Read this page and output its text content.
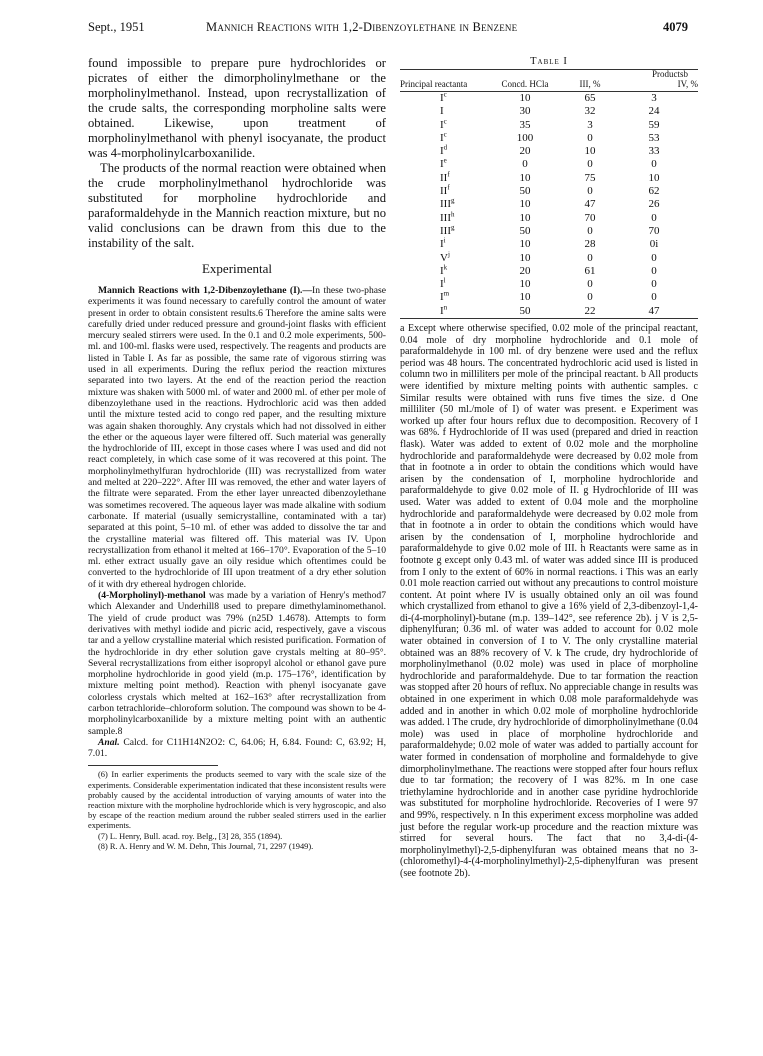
Sept., 1951	Mannich Reactions with 1,2-Dibenzoylethane in Benzene	4079

found impossible to prepare pure hydrochlorides or picrates of either the dimorpholinylmethane or the morpholinylmethanol. Instead, upon recrystallization of the crude salts, the corresponding morpholine salts were obtained. Likewise, upon treatment of morpholinylmethanol with phenyl isocyanate, the product was 4-morpholinylcarboxanilide.

The products of the normal reaction were obtained when the crude morpholinylmethanol hydrochloride was substituted for morpholine hydrochloride and paraformaldehyde in the Mannich reaction mixture, but no valid conclusions can be drawn from this due to the instability of the salt.

Experimental

Mannich Reactions with 1,2-Dibenzoylethane (I).—In these two-phase experiments it was found necessary to carefully control the amount of water present in order to obtain consistent results.6 Therefore the amine salts were carefully dried under reduced pressure and ground-joint flasks with efficient mercury sealed stirrers were used. In the 0.1 and 0.2 mole experiments, 500-ml. and 100-ml. flasks were used, respectively. The reagents and products are listed in Table I. As far as possible, the same rate of vigorous stirring was used in all experiments. During the reflux period the reaction mixtures separated into two layers. At the end of the reaction period the reaction mixture was shaken with 5000 ml. of water and 2000 ml. of ether per mole of dibenzoylethane used in the reactions. Hydrochloric acid was then added until the mixture tested acid to congo red paper, and the resulting mixture was again shaken thoroughly. Any crystals which had not dissolved in either the ether or the aqueous layer were filtered off. Such material was generally the hydrochloride of III, except in those cases where I was used and did not react completely, in which case some of it was recovered at this point. The morpholinylmethylfuran hydrochloride (III) was recrystallized from water and melted at 220–222°. After III was removed, the ether and water layers of the filtrate were separated. From the ether layer unreacted dibenzoylethane was sometimes recovered. The aqueous layer was made alkaline with sodium carbonate. If material (usually semicrystalline, contaminated with a tar) separated at this point, 5–10 ml. of ether was added to dissolve the tar and the crystalline material was filtered off. This material was IV. Upon recrystallization from ethanol it melted at 166–170°. Evaporation of the 5–10 ml. ether extract usually gave an oily residue which oftentimes could be converted to the hydrochloride of III upon treatment of a dry ether solution of it with dry ethereal hydrogen chloride.

(4-Morpholinyl)-methanol was made by a variation of Henry's method7 which Alexander and Underhill8 used to prepare dimethylaminomethanol. The yield of crude product was 79% (n25D 1.4678). Attempts to form derivatives with methyl iodide and picric acid, respectively, gave a viscous tar and a yellow crystalline material which resisted purification. Formation of the hydrochloride in dry ether solution gave crystals melting at 80–95°. Several recrystallizations from either isopropyl alcohol or ethanol gave pure morpholine hydrochloride in good yield (m.p. 175–176°, identification by mixture melting point method). Reaction with phenyl isocyanate gave colorless crystals which melted at 162–163° after recrystallization from carbon tetrachloride–chloroform solution. The compound was shown to be 4-morpholinylcarboxanilide by a mixture melting point with an authentic sample.8

Anal. Calcd. for C11H14N2O2: C, 64.06; H, 6.84. Found: C, 63.92; H, 7.01.

(6) In earlier experiments the products seemed to vary with the scale size of the experiments. Considerable experimentation indicated that these inconsistent results were probably caused by the accidental introduction of varying amounts of water into the reaction mixture with the morpholine hydrochloride which is very hygroscopic, and also by escape of the reaction medium around the rubber sealed stirrers used in the earlier experiments.

(7) L. Henry, Bull. acad. roy. Belg., [3] 28, 355 (1894).

(8) R. A. Henry and W. M. Dehn, This Journal, 71, 2297 (1949).

Table I
Principal reactanta	Concd. HCla	III, %	Productsb
IV, %
$I^c$	10	65	3
I	30	32	24
$I^c$	35	3	59
$I^c$	100	0	53
$I^d$	20	10	33
Ie	0	0	0
$II^f$	10	75	10
$II^f$	50	0	62
III$^g$	10	47	26
III$^h$	10	70	0
III$^g$	50	0	70
$I^i$	10	28	0i
$V^j$	10	0	0
$I^k$	20	61	0
$I^l$	10	0	0
$I^m$	10	0	0
$I^n$	50	22	47

a Except where otherwise specified, 0.02 mole of the principal reactant, 0.04 mole of dry morpholine hydrochloride and 0.1 mole of paraformaldehyde in 100 ml. of dry benzene were used and the reflux period was 48 hours. The concentrated hydrochloric acid used is listed in column two in milliliters per mole of the principal reactant. b All products were identified by mixture melting points with authentic samples. c Similar results were obtained with runs five times the size. d One milliliter (50 ml./mole of I) of water was present. e Experiment was worked up after four hours reflux due to decomposition. Recovery of I was 68%. f Hydrochloride of II was used (prepared and dried in reaction flask). Water was added to extent of 0.02 mole and the morpholine hydrochloride and paraformaldehyde were decreased by 0.02 mole from that in footnote a in order to obtain the conditions which would have arisen by the condensation of I, morpholine hydrochloride and paraformaldehyde to give 0.02 mole of II. g Hydrochloride of III was used. Water was added to extent of 0.04 mole and the morpholine hydrochloride and paraformaldehyde were decreased by 0.02 mole from that in footnote a in order to obtain the conditions which would have arisen by the condensation of I, morpholine hydrochloride and paraformaldehyde to give 0.02 mole of III. h Reactants were same as in footnote g except only 0.43 ml. of water was added since III is produced from I only to the extent of 60% in normal reactions. i This was an early 0.01 mole reaction carried out without any precautions to control moisture content. At point where IV is usually obtained only an oil was found which crystallized from ethanol to give a 16% yield of 2,3-dibenzoyl-1,4-di-(4-morpholinyl)-butane (m.p. 139–142°, see reference 2b). j V is 2,5-diphenylfuran; 0.36 ml. of water was added to account for 0.02 mole water obtained in conversion of I to V. The only crystalline material obtained was an 88% recovery of V. k The crude, dry hydrochloride of morpholinylmethanol (0.02 mole) was used in place of morpholine hydrochloride and paraformaldehyde. Due to tar formation the reaction was stopped after 20 hours of reflux. No appreciable change in results was obtained in one experiment in which 0.08 mole paraformaldehyde was added and in another in which 0.02 mole of morpholine hydrochloride was added. l The crude, dry hydrochloride of dimorpholinylmethane (0.04 mole) was used in place of morpholine hydrochloride and paraformaldehyde; 0.02 mole of water was added to partially account for water formed in condensation of morpholine and formaldehyde to give dimorpholinylmethane. The reactions were stopped after four hours reflux due to tar formation; the recovery of I was 82%. m In one case triethylamine hydrochloride and in another case pyridine hydrochloride was substituted for morpholine hydrochloride. Recoveries of I were 97 and 99%, respectively. n In this experiment excess morpholine was added just before the regular work-up procedure and the reaction mixture was stirred for several hours. The fact that no 3,4-di-(4-morpholinylmethyl)-2,5-diphenylfuran was obtained means that no 3-(chloromethyl)-4-(4-morpholinylmethyl)-2,5-diphenylfuran was present (see footnote 2b).
